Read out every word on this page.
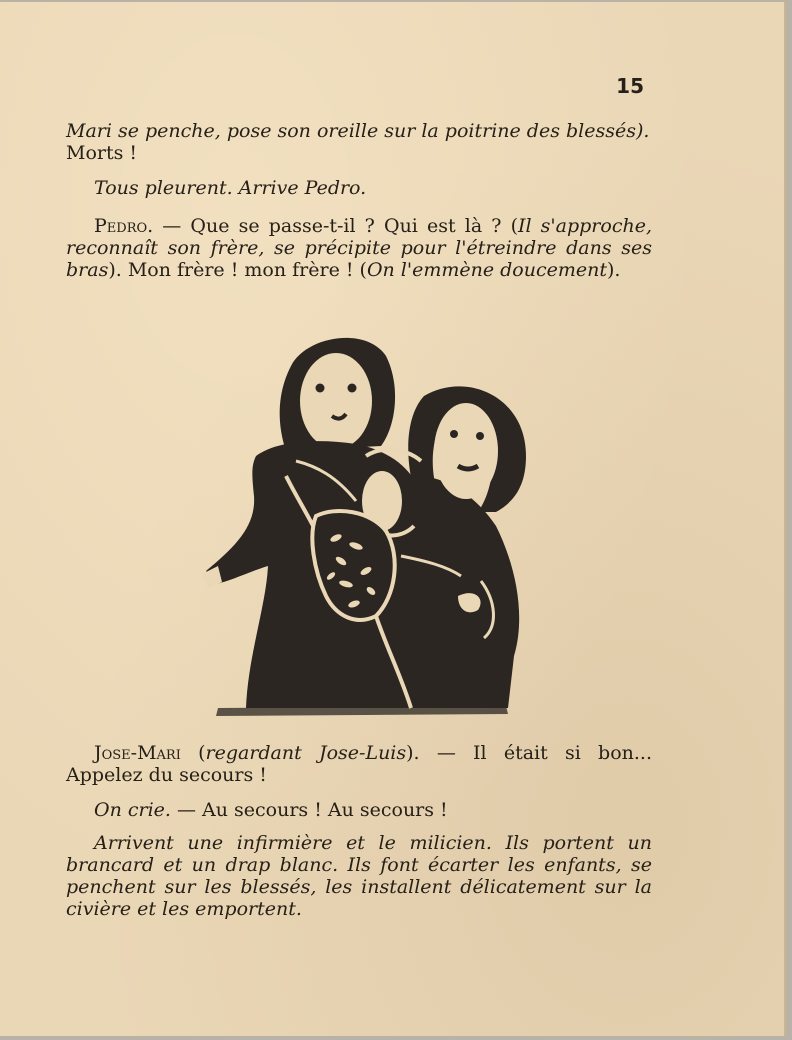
15

Mari se penche, pose son oreille sur la poitrine des blessés).
Morts !

Tous pleurent. Arrive Pedro.

Pedro. — Que se passe-t-il ? Qui est là ? (Il s'approche, reconnaît son frère, se précipite pour l'étreindre dans ses bras). Mon frère ! mon frère ! (On l'emmène doucement).

Jose-Mari (regardant Jose-Luis). — Il était si bon... Appelez du secours !

On crie. — Au secours ! Au secours !

Arrivent une infirmière et le milicien. Ils portent un brancard et un drap blanc. Ils font écarter les enfants, se penchent sur les blessés, les installent délicatement sur la civière et les emportent.
